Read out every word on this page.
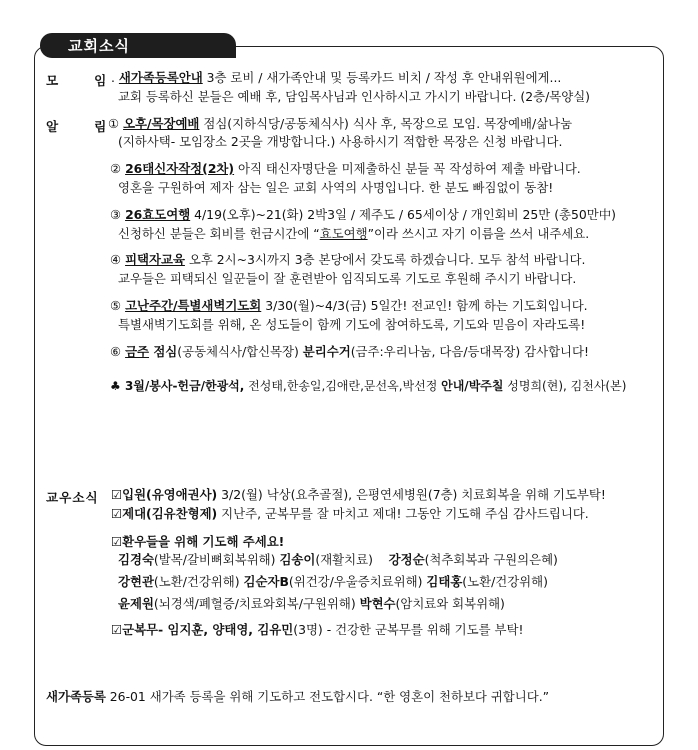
교회소식
모	임 . 새가족등록안내 3층 로비 / 새가족안내 및 등록카드 비치 / 작성 후 안내위원에게...
교회 등록하신 분들은 예배 후, 담임목사님과 인사하시고 가시기 바랍니다. (2층/목양실)
알	림 ① 오후/목장예배 점심(지하식당/공동체식사) 식사 후, 목장으로 모임. 목장예배/삶나눔
(지하사택- 모임장소 2곳을 개방합니다.) 사용하시기 적합한 목장은 신청 바랍니다.
② 26태신자작정(2차) 아직 태신자명단을 미제출하신 분들 꼭 작성하여 제출 바랍니다.
영혼을 구원하여 제자 삼는 일은 교회 사역의 사명입니다. 한 분도 빠짐없이 동참!
③ 26효도여행 4/19(오후)~21(화) 2박3일 / 제주도 / 65세이상 / 개인회비 25만 (총50만中)
신청하신 분들은 회비를 헌금시간에 “효도여행”이라 쓰시고 자기 이름을 쓰서 내주세요.
④ 피택자교육 오후 2시~3시까지 3층 본당에서 갖도록 하겠습니다. 모두 참석 바랍니다.
교우들은 피택되신 일꾼들이 잘 훈련받아 임직되도록 기도로 후원해 주시기 바랍니다.
⑤ 고난주간/특별새벽기도회 3/30(월)~4/3(금) 5일간! 전교인! 함께 하는 기도회입니다.
특별새벽기도회를 위해, 온 성도들이 함께 기도에 참여하도록, 기도와 믿음이 자라도록!
⑥ 금주 점심(공동체식사/합신목장) 분리수거(금주:우리나눔, 다음/등대목장) 감사합니다!
♣ 3월/봉사-헌금/한광석, 전성태,한송일,김애란,문선옥,박선정 안내/박주칠 성명희(현), 김천사(본)
교우소식 ☑입원(유영애권사) 3/2(월) 낙상(요추골절), 은평연세병원(7층) 치료회복을 위해 기도부탁!
☑제대(김유찬형제) 지난주, 군복무를 잘 마치고 제대! 그동안 기도해 주심 감사드립니다.
☑환우들을 위해 기도해 주세요!
김경숙(발목/갈비뼈회복위해) 김송이(재활치료)    강정순(척추회복과 구원의은혜)
강현관(노환/건강위해) 김순자B(위건강/우울증치료위해) 김태홍(노환/건강위해)
윤제원(뇌경색/폐혈증/치료와회복/구원위해) 박현수(암치료와 회복위해)
☑군복무- 임지훈, 양태영, 김유민(3명) - 건강한 군복무를 위해 기도를 부탁!
새가족등록 26-01 새가족 등록을 위해 기도하고 전도합시다. “한 영혼이 천하보다 귀합니다.”
